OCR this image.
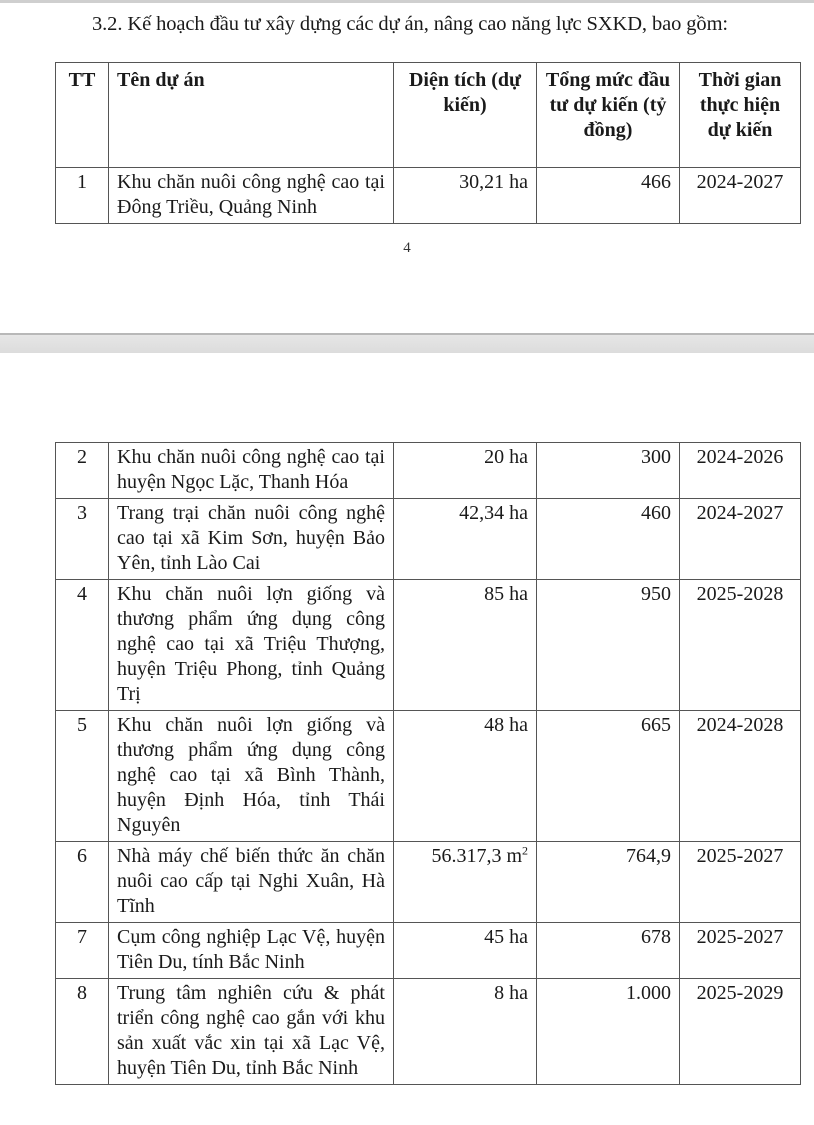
3.2. Kế hoạch đầu tư xây dựng các dự án, nâng cao năng lực SXKD, bao gồm:

TT	Tên dự án	Diện tích (dự kiến)	Tổng mức đầu tư dự kiến (tỷ đồng)	Thời gian thực hiện dự kiến
1	Khu chăn nuôi công nghệ cao tại Đông Triều, Quảng Ninh	30,21 ha	466	2024-2027
4
2	Khu chăn nuôi công nghệ cao tại huyện Ngọc Lặc, Thanh Hóa	20 ha	300	2024-2026
3	Trang trại chăn nuôi công nghệ cao tại xã Kim Sơn, huyện Bảo Yên, tỉnh Lào Cai	42,34 ha	460	2024-2027
4	Khu chăn nuôi lợn giống và thương phẩm ứng dụng công nghệ cao tại xã Triệu Thượng, huyện Triệu Phong, tỉnh Quảng Trị	85 ha	950	2025-2028
5	Khu chăn nuôi lợn giống và thương phẩm ứng dụng công nghệ cao tại xã Bình Thành, huyện Định Hóa, tỉnh Thái Nguyên	48 ha	665	2024-2028
6	Nhà máy chế biến thức ăn chăn nuôi cao cấp tại Nghi Xuân, Hà Tĩnh	56.317,3 $m^2$	764,9	2025-2027
7	Cụm công nghiệp Lạc Vệ, huyện Tiên Du, tính Bắc Ninh	45 ha	678	2025-2027
8	Trung tâm nghiên cứu & phát triển công nghệ cao gắn với khu sản xuất vắc xin tại xã Lạc Vệ, huyện Tiên Du, tỉnh Bắc Ninh	8 ha	1.000	2025-2029
